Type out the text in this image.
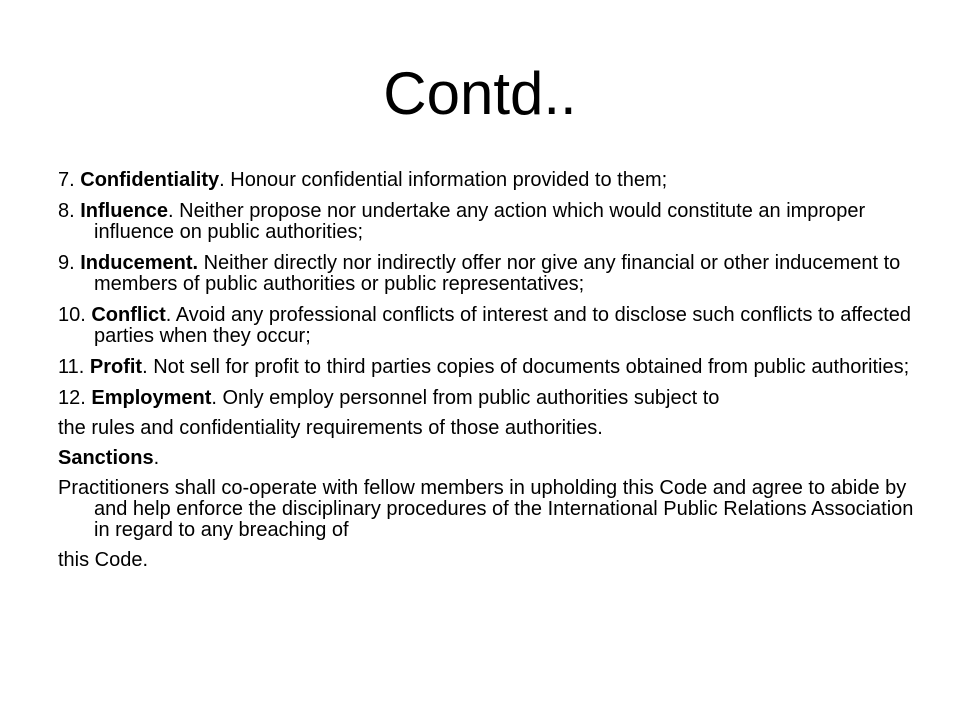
Contd..

7. Confidentiality. Honour confidential information provided to them;

8. Influence. Neither propose nor undertake any action which would constitute an improper influence on public authorities;

9. Inducement. Neither directly nor indirectly offer nor give any financial or other inducement to members of public authorities or public representatives;

10. Conflict. Avoid any professional conflicts of interest and to disclose such conflicts to affected parties when they occur;

11. Profit. Not sell for profit to third parties copies of documents obtained from public authorities;

12. Employment. Only employ personnel from public authorities subject to

the rules and confidentiality requirements of those authorities.

Sanctions.

Practitioners shall co-operate with fellow members in upholding this Code and agree to abide by and help enforce the disciplinary procedures of the International Public Relations Association in regard to any breaching of

this Code.
